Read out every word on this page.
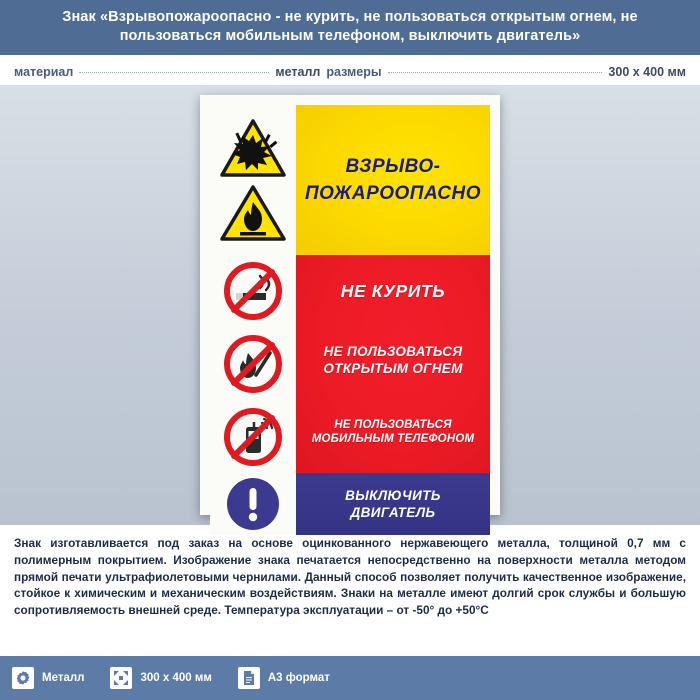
Знак «Взрывопожароопасно - не курить, не пользоваться открытым огнем, не пользоваться мобильным телефоном, выключить двигатель»
материал	металл размеры	300 x 400 мм
ВЗРЫВО-
ПОЖАРООПАСНО
НЕ КУРИТЬ
НЕ ПОЛЬЗОВАТЬСЯ
ОТКРЫТЫМ ОГНЕМ
НЕ ПОЛЬЗОВАТЬСЯ
МОБИЛЬНЫМ ТЕЛЕФОНОМ
ВЫКЛЮЧИТЬ
ДВИГАТЕЛЬ
Знак изготавливается под заказ на основе оцинкованного нержавеющего металла, толщиной 0,7 мм с полимерным покрытием. Изображение знака печатается непосредственно на поверхности металла методом прямой печати ультрафиолетовыми чернилами. Данный способ позволяет получить качественное изображение, стойкое к химическим и механическим воздействиям. Знаки на металле имеют долгий срок службы и большую сопротивляемость внешней среде. Температура эксплуатации – от -50° до +50°С
Металл	300 x 400 мм	А3 формат
